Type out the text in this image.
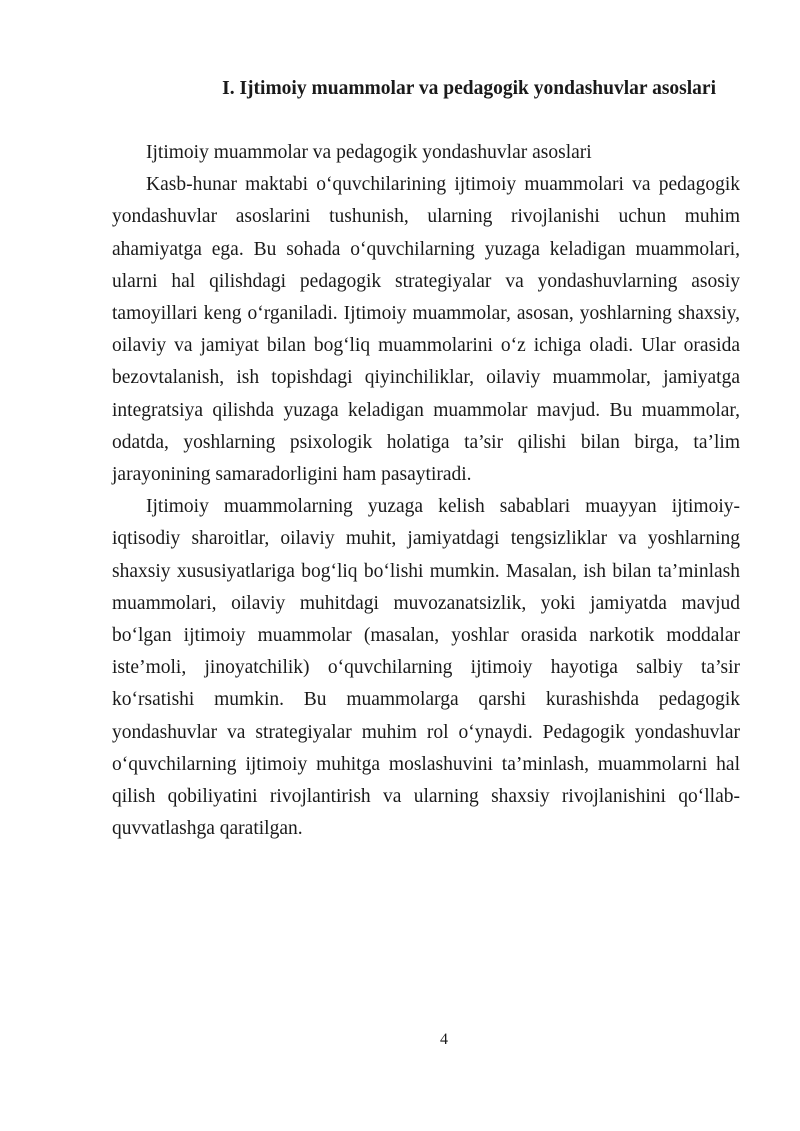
I. Ijtimoiy muammolar va pedagogik yondashuvlar asoslari

Ijtimoiy muammolar va pedagogik yondashuvlar asoslari

Kasb-hunar maktabi o‘quvchilarining ijtimoiy muammolari va pedagogik yondashuvlar asoslarini tushunish, ularning rivojlanishi uchun muhim ahamiyatga ega. Bu sohada o‘quvchilarning yuzaga keladigan muammolari, ularni hal qilishdagi pedagogik strategiyalar va yondashuvlarning asosiy tamoyillari keng o‘rganiladi. Ijtimoiy muammolar, asosan, yoshlarning shaxsiy, oilaviy va jamiyat bilan bog‘liq muammolarini o‘z ichiga oladi. Ular orasida bezovtalanish, ish topishdagi qiyinchiliklar, oilaviy muammolar, jamiyatga integratsiya qilishda yuzaga keladigan muammolar mavjud. Bu muammolar, odatda, yoshlarning psixologik holatiga ta’sir qilishi bilan birga, ta’lim jarayonining samaradorligini ham pasaytiradi.

Ijtimoiy muammolarning yuzaga kelish sabablari muayyan ijtimoiy-iqtisodiy sharoitlar, oilaviy muhit, jamiyatdagi tengsizliklar va yoshlarning shaxsiy xususiyatlariga bog‘liq bo‘lishi mumkin. Masalan, ish bilan ta’minlash muammolari, oilaviy muhitdagi muvozanatsizlik, yoki jamiyatda mavjud bo‘lgan ijtimoiy muammolar (masalan, yoshlar orasida narkotik moddalar iste’moli, jinoyatchilik) o‘quvchilarning ijtimoiy hayotiga salbiy ta’sir ko‘rsatishi mumkin. Bu muammolarga qarshi kurashishda pedagogik yondashuvlar va strategiyalar muhim rol o‘ynaydi. Pedagogik yondashuvlar o‘quvchilarning ijtimoiy muhitga moslashuvini ta’minlash, muammolarni hal qilish qobiliyatini rivojlantirish va ularning shaxsiy rivojlanishini qo‘llab-quvvatlashga qaratilgan.

4
